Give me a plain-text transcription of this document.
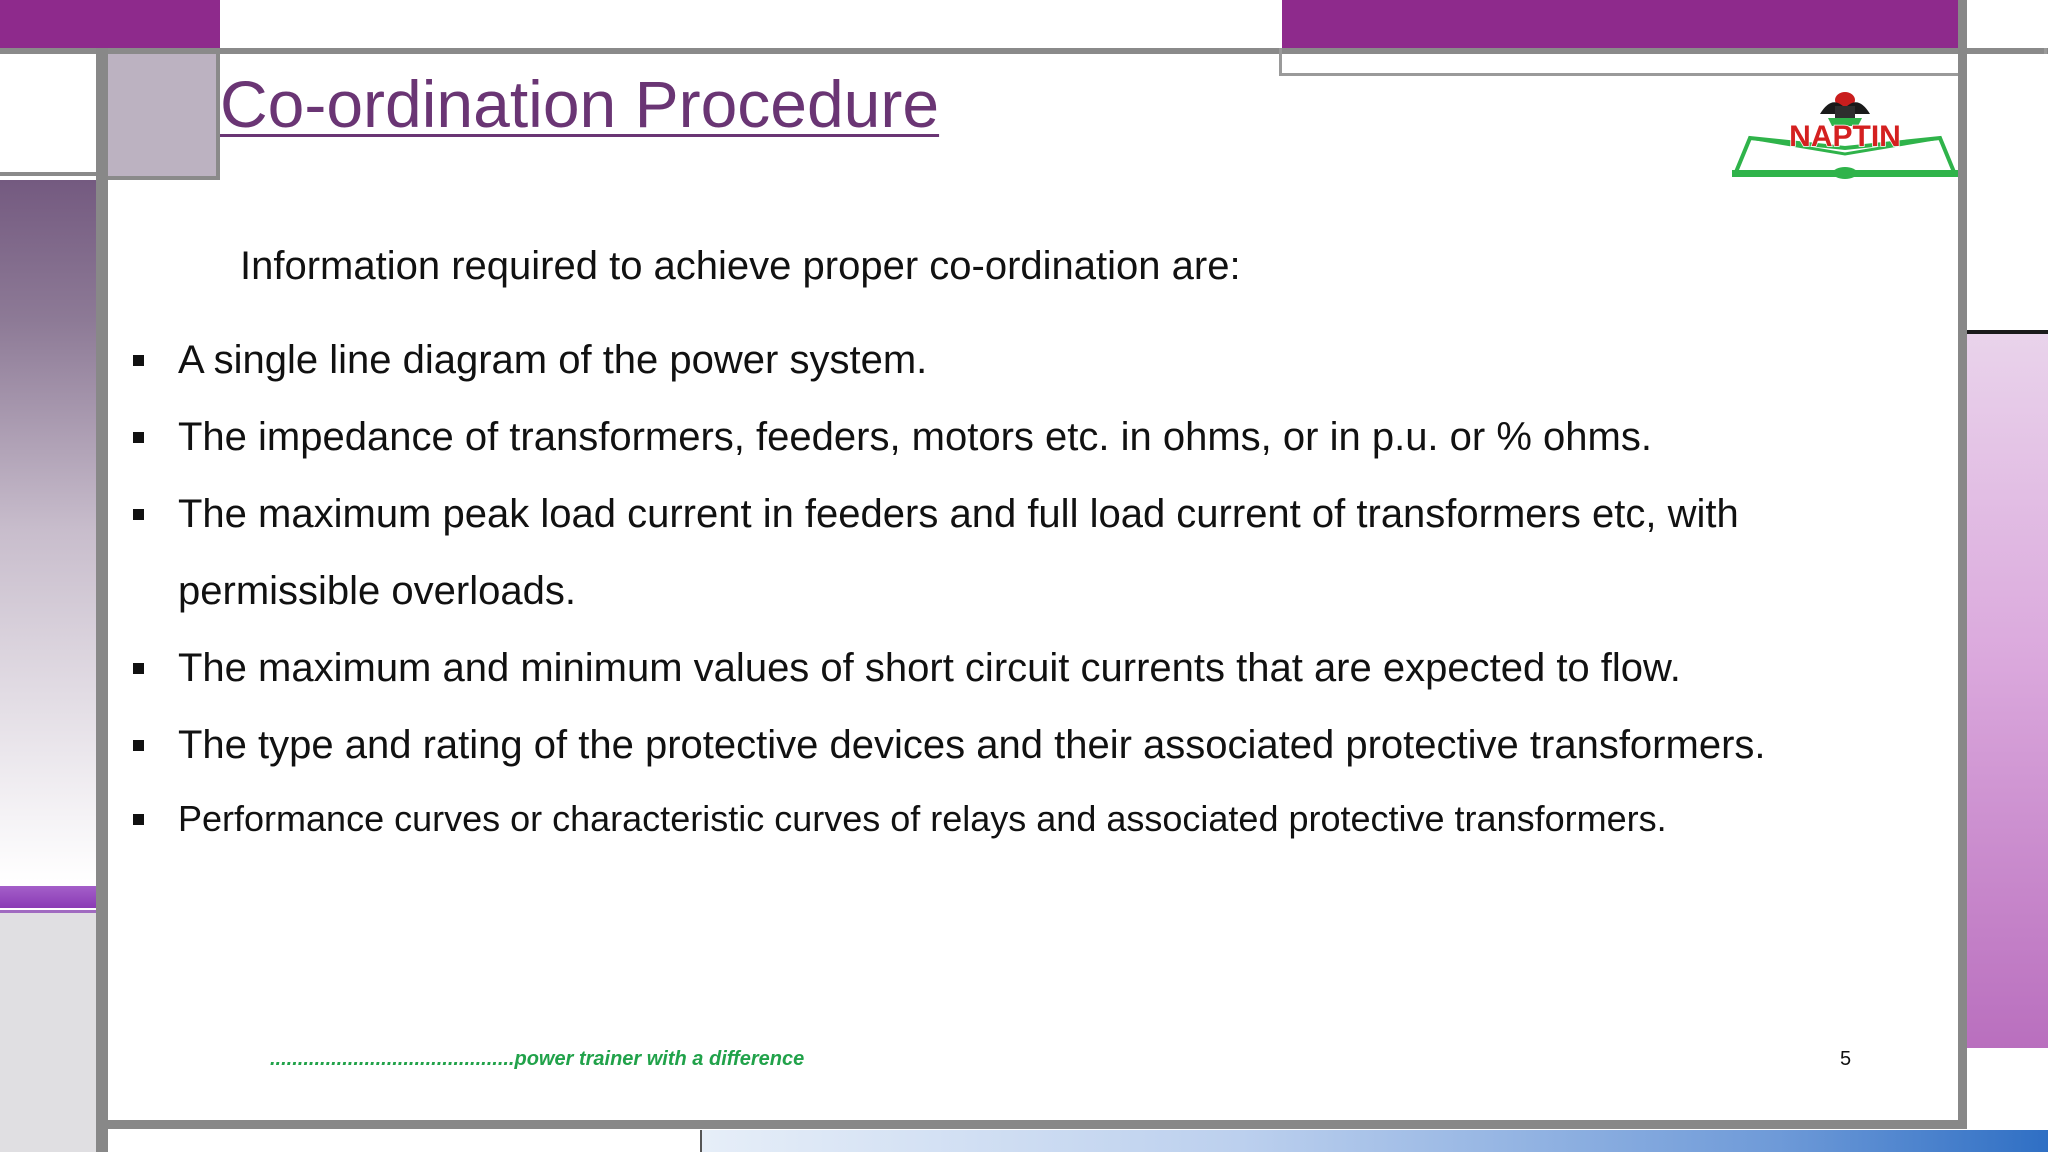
Co-ordination Procedure	NAPTIN
Information required to achieve proper co-ordination are:
A single line diagram of the power system.
The impedance of transformers, feeders, motors etc. in ohms, or in p.u. or % ohms.
The maximum peak load current in feeders and full load current of transformers etc, with permissible overloads.
The maximum and minimum values of short circuit currents that are expected to flow.
The type and rating of the protective devices and their associated protective transformers.
Performance curves or characteristic curves of relays and associated protective transformers.
............................................power trainer with a difference	5
